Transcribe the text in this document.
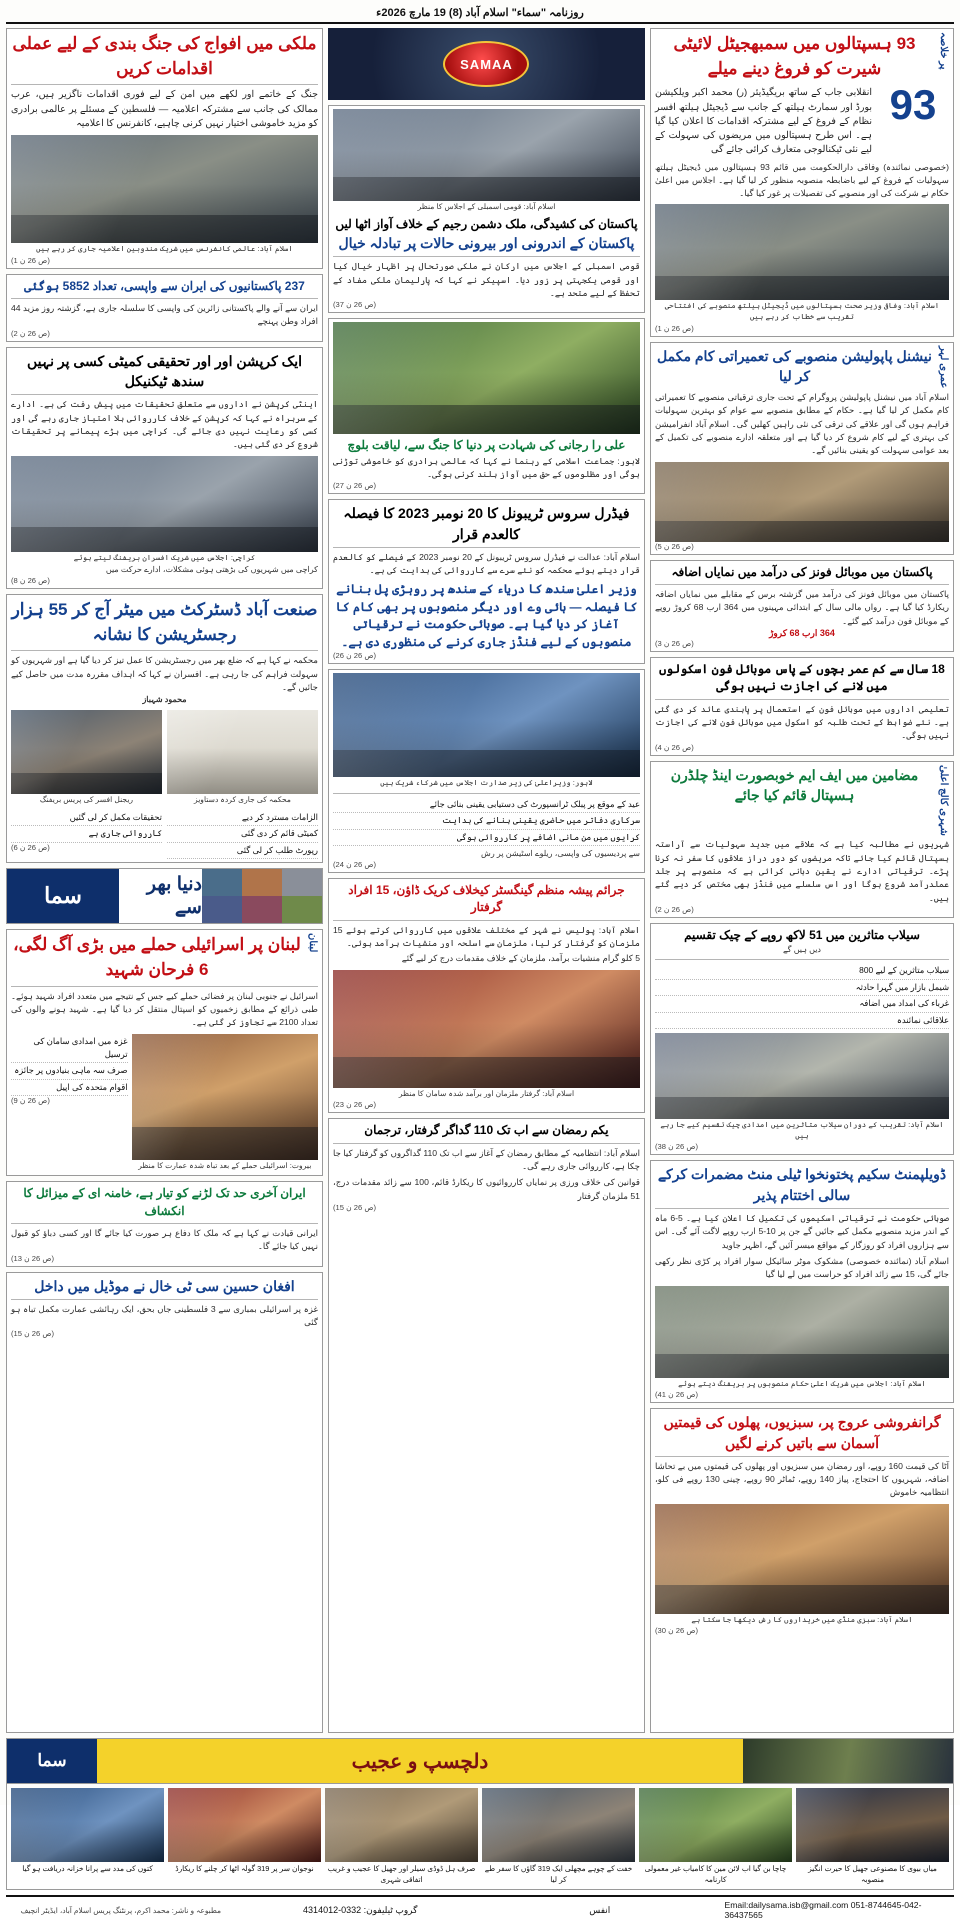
روزنامہ "سماء" اسلام آباد (8) 19 مارچ 2026ء
پر خلاصہ
93 ہسپتالوں میں سمبھجیٹل لائیٹی شیرت کو فروغ دینے میلے
93
انقلابی جاب کے ساتھ بریگیڈیئر (ر) محمد اکبر ویلکیشن بورڈ اور سمارٹ ہیلتھ کے جانب سے ڈیجیٹل ہیلتھ افسر نظام کے فروغ کے لیے مشترکہ اقدامات کا اعلان کیا گیا ہے۔ اس طرح ہسپتالوں میں مریضوں کی سہولت کے لیے نئی ٹیکنالوجی متعارف کرائی جائے گی
(خصوصی نمائندہ) وفاقی دارالحکومت میں قائم 93 ہسپتالوں میں ڈیجیٹل ہیلتھ سہولیات کے فروغ کے لیے باضابطہ منصوبہ منظور کر لیا گیا ہے۔ اجلاس میں اعلیٰ حکام نے شرکت کی اور منصوبے کی تفصیلات پر غور کیا گیا۔
اسلام آباد: وفاقی وزیر صحت ہسپتالوں میں ڈیجیٹل ہیلتھ منصوبے کی افتتاحی تقریب سے خطاب کر رہے ہیں
(ص 26 ن 1)
عمری لہر
نیشنل پاپولیشن منصوبے کی تعمیراتی کام مکمل کر لیا
اسلام آباد میں نیشنل پاپولیشن پروگرام کے تحت جاری ترقیاتی منصوبے کا تعمیراتی کام مکمل کر لیا گیا ہے۔ حکام کے مطابق منصوبے سے عوام کو بہترین سہولیات فراہم ہوں گی اور علاقے کی ترقی کی نئی راہیں کھلیں گی۔ اسلام آباد انفرامیشن کی بہتری کے لیے کام شروع کر دیا گیا ہے اور متعلقہ ادارے منصوبے کی تکمیل کے بعد عوامی سہولت کو یقینی بنائیں گے۔
(ص 26 ن 5)
پاکستان میں موبائل فونز کی درآمد میں نمایاں اضافہ
پاکستان میں موبائل فونز کی درآمد میں گزشتہ برس کے مقابلے میں نمایاں اضافہ ریکارڈ کیا گیا ہے۔ رواں مالی سال کے ابتدائی مہینوں میں 364 ارب 68 کروڑ روپے کے موبائل فون درآمد کیے گئے۔
364 ارب 68 کروڑ
(ص 26 ن 3)
18 سال سے کم عمر بچوں کے پاس موبائل فون اسکولوں میں لانے کی اجازت نہیں ہوگی
تعلیمی اداروں میں موبائل فون کے استعمال پر پابندی عائد کر دی گئی ہے۔ نئے ضوابط کے تحت طلبہ کو اسکول میں موبائل فون لانے کی اجازت نہیں ہوگی۔
(ص 26 ن 4)
شہری کالج اعلیٰ
مضامین میں ایف ایم خوبصورت اینڈ چلڈرن ہسپتال قائم کیا جائے
شہریوں نے مطالبہ کیا ہے کہ علاقے میں جدید سہولیات سے آراستہ ہسپتال قائم کیا جائے تاکہ مریضوں کو دور دراز علاقوں کا سفر نہ کرنا پڑے۔ ترقیاتی ادارے نے یقین دہانی کرائی ہے کہ منصوبے پر جلد عملدرآمد شروع ہوگا اور اس سلسلے میں فنڈز بھی مختص کر دیے گئے ہیں۔
(ص 26 ن 2)
سیلاب متاثرین میں 51 لاکھ روپے کے چیک تقسیم
دیں ہیں گے
سیلاب متاثرین کے لیے 800
شیمل بازار میں گہرا حادثہ
غرباء کی امداد میں اضافہ
علاقائی نمائندہ
اسلام آباد: تقریب کے دوران سیلاب متاثرین میں امدادی چیک تقسیم کیے جا رہے ہیں
(ص 26 ن 38)
ڈویلپمنٹ سکیم پختونخوا ٹیلی منٹ مضمرات کرکے سالی اختتام پذیر
صوبائی حکومت نے ترقیاتی اسکیموں کی تکمیل کا اعلان کیا ہے۔ 5-6 ماہ کے اندر مزید منصوبے مکمل کیے جائیں گے جن پر 10-5 ارب روپے لاگت آئے گی۔ اس سے ہزاروں افراد کو روزگار کے مواقع میسر آئیں گے، اظہر جاوید
اسلام آباد (نمائندہ خصوصی) مشکوک موٹر سائیکل سوار افراد پر کڑی نظر رکھی جائے گی، 15 سے زائد افراد کو حراست میں لے لیا گیا
اسلام آباد: اجلاس میں شریک اعلیٰ حکام منصوبوں پر بریفنگ دیتے ہوئے
(ص 26 ن 41)
گرانفروشی عروج پر، سبزیوں، پھلوں کی قیمتیں آسمان سے باتیں کرنے لگیں
آٹا کی قیمت 160 روپے، اور رمضان میں سبزیوں اور پھلوں کی قیمتوں میں بے تحاشا اضافہ، شہریوں کا احتجاج، پیاز 140 روپے، ٹماٹر 90 روپے، چینی 130 روپے فی کلو، انتظامیہ خاموش
اسلام آباد: سبزی منڈی میں خریداروں کا رش دیکھا جا سکتا ہے
(ص 26 ن 30)
SAMAA
اسلام آباد: قومی اسمبلی کے اجلاس کا منظر
پاکستان کی کشیدگی، ملک دشمن رجیم کے خلاف آواز اٹھا لیں
پاکستان کے اندرونی اور بیرونی حالات پر تبادلہ خیال
قومی اسمبلی کے اجلاس میں ارکان نے ملکی صورتحال پر اظہار خیال کیا اور قومی یکجہتی پر زور دیا۔ اسپیکر نے کہا کہ پارلیمان ملکی مفاد کے تحفظ کے لیے متحد ہے۔
(ص 26 ن 37)
علی را رجانی کی شہادت پر دنیا کا جنگ سے، لیاقت بلوچ
لاہور: جماعت اسلامی کے رہنما نے کہا کہ عالمی برادری کو خاموشی توڑنی ہوگی اور مظلوموں کے حق میں آواز بلند کرنی ہوگی۔
(ص 26 ن 27)
فیڈرل سروس ٹریبونل کا 20 نومبر 2023 کا فیصلہ کالعدم قرار
اسلام آباد: عدالت نے فیڈرل سروس ٹریبونل کے 20 نومبر 2023 کے فیصلے کو کالعدم قرار دیتے ہوئے محکمہ کو نئے سرے سے کارروائی کی ہدایت کی ہے۔
وزیر اعلیٰ سندھ کا دریاء کے سندھ پر روہڑی پل بنانے کا فیصلہ — ہائی وے اور دیگر منصوبوں پر بھی کام کا آغاز کر دیا گیا ہے۔ صوبائی حکومت نے ترقیاتی منصوبوں کے لیے فنڈز جاری کرنے کی منظوری دی ہے۔
(ص 26 ن 26)
لاہور: وزیراعلیٰ کی زیر صدارت اجلاس میں شرکاء شریک ہیں
عید کے موقع پر پبلک ٹرانسپورٹ کی دستیابی یقینی بنائی جائے
سرکاری دفاتر میں حاضری یقینی بنانے کی ہدایت
کرایوں میں من مانی اضافے پر کارروائی ہوگی
سے پردیسیوں کی واپسی، ریلوے اسٹیشن پر رش
(ص 26 ن 24)
جرائم پیشہ منظم گینگسٹر کیخلاف کریک ڈاؤن، 15 افراد گرفتار
اسلام آباد: پولیس نے شہر کے مختلف علاقوں میں کارروائی کرتے ہوئے 15 ملزمان کو گرفتار کر لیا، ملزمان سے اسلحہ اور منشیات برآمد ہوئی۔
5 کلو گرام منشیات برآمد، ملزمان کے خلاف مقدمات درج کر لیے گئے
اسلام آباد: گرفتار ملزمان اور برآمد شدہ سامان کا منظر
(ص 26 ن 23)
یکم رمضان سے اب تک 110 گداگر گرفتار، ترجمان
اسلام آباد: انتظامیہ کے مطابق رمضان کے آغاز سے اب تک 110 گداگروں کو گرفتار کیا جا چکا ہے، کارروائی جاری رہے گی۔
قوانین کی خلاف ورزی پر نمایاں کارروائیوں کا ریکارڈ قائم، 100 سے زائد مقدمات درج، 51 ملزمان گرفتار
(ص 26 ن 15)
ملکی میں افواج کی جنگ بندی کے لیے عملی اقدامات کریں
جنگ کے خاتمے اور لکھے میں امن کے لیے فوری اقدامات ناگزیر ہیں، عرب ممالک کی جانب سے مشترکہ اعلامیہ — فلسطین کے مسئلے پر عالمی برادری کو مزید خاموشی اختیار نہیں کرنی چاہیے، کانفرنس کا اعلامیہ
اسلام آباد: عالمی کانفرنس میں شریک مندوبین اعلامیہ جاری کر رہے ہیں
(ص 26 ن 1)
237 پاکستانیوں کی ایران سے واپسی، تعداد 5852 ہوگئی
ایران سے آنے والے پاکستانی زائرین کی واپسی کا سلسلہ جاری ہے، گزشتہ روز مزید 44 افراد وطن پہنچے
(ص 26 ن 2)
ایک کرپشن اور اور تحقیقی کمیٹی کسی پر نہیں سندھ ٹیکنیکل
اینٹی کرپشن نے اداروں سے متعلق تحقیقات میں پیش رفت کی ہے۔ ادارے کے سربراہ نے کہا کہ کرپشن کے خلاف کارروائی بلا امتیاز جاری رہے گی اور کسی کو رعایت نہیں دی جائے گی۔ کراچی میں بڑے پیمانے پر تحقیقات شروع کر دی گئی ہیں۔
کراچی: اجلاس میں شریک افسران بریفنگ لیتے ہوئے
کراچی میں شہریوں کی بڑھتی ہوئی مشکلات، ادارے حرکت میں
(ص 26 ن 8)
صنعت آباد ڈسٹرکٹ میں میٹر آج کر 55 ہزار رجسٹریشن کا نشانہ
محکمہ نے کہا ہے کہ ضلع بھر میں رجسٹریشن کا عمل تیز کر دیا گیا ہے اور شہریوں کو سہولت فراہم کی جا رہی ہے۔ افسران نے کہا کہ اہداف مقررہ مدت میں حاصل کیے جائیں گے۔
محمود شہباز
محکمہ کی جاری کردہ دستاویز
ریجنل افسر کی پریس بریفنگ
الزامات مسترد کر دیے
کمیٹی قائم کر دی گئی
رپورٹ طلب کر لی گئی
تحقیقات مکمل کر لی گئیں
کارروائی جاری ہے
(ص 26 ن 6)
دنیا بھر سے
سما
لبنان
لبنان پر اسرائیلی حملے میں بڑی آگ لگی، 6 فرحان شہید
اسرائیل نے جنوبی لبنان پر فضائی حملے کیے جس کے نتیجے میں متعدد افراد شہید ہوئے۔ طبی ذرائع کے مطابق زخمیوں کو اسپتال منتقل کر دیا گیا ہے۔ شہید ہونے والوں کی تعداد 2100 سے تجاوز کر گئی ہے۔
بیروت: اسرائیلی حملے کے بعد تباہ شدہ عمارت کا منظر
غزہ میں امدادی سامان کی ترسیل
صرف سہ ماہی بنیادوں پر جائزہ
اقوام متحدہ کی اپیل
(ص 26 ن 9)
ایران آخری حد تک لڑنے کو تیار ہے، خامنہ ای کے میزائل کا انکشاف
ایرانی قیادت نے کہا ہے کہ ملک کا دفاع ہر صورت کیا جائے گا اور کسی دباؤ کو قبول نہیں کیا جائے گا۔
(ص 26 ن 13)
افغان حسین سی ٹی خال نے موڈیل میں داخل
غزہ پر اسرائیلی بمباری سے 3 فلسطینی جاں بحق، ایک رہائشی عمارت مکمل تباہ ہو گئی
(ص 26 ن 15)
دلچسپ و عجیب
سما
میاں بیوی کا مصنوعی جھیل کا حیرت انگیز منصوبہ
چاچا بن گیا اب لائن مین کا کامیاب غیر معمولی کارنامہ
خفت کے چوہے مچھلی ایک 319 گاؤں کا سفر طے کر لیا
صرف ہل ڈوڈی سیلر اور جھیل کا عجیب و غریب اتفاقی شہری
نوجوان سر پر 319 گولہ اٹھا کر چلنے کا ریکارڈ
کتوں کی مدد سے پرانا خزانہ دریافت ہو گیا
Email:dailysama.isb@gmail.com 051-8744645-042-36437565
انفس
گروپ ٹیلیفون: 0332-4314012
مطبوعہ و ناشر: محمد اکرم، پرنٹنگ پریس اسلام آباد، ایڈیٹر انچیف
